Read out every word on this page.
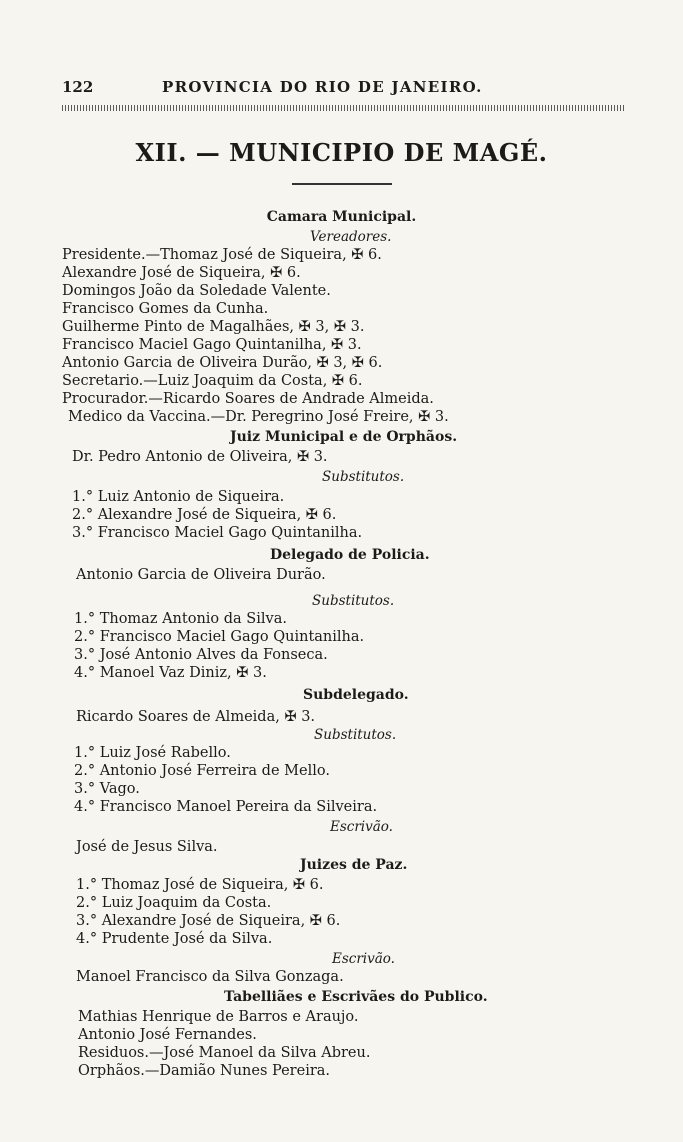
122	PROVINCIA DO RIO DE JANEIRO.
XII. — MUNICIPIO DE MAGÉ.
Camara Municipal.
Vereadores.
Presidente.—Thomaz José de Siqueira, ✠ 6.
Alexandre José de Siqueira, ✠ 6.
Domingos João da Soledade Valente.
Francisco Gomes da Cunha.
Guilherme Pinto de Magalhães, ✠ 3, ✠ 3.
Francisco Maciel Gago Quintanilha, ✠ 3.
Antonio Garcia de Oliveira Durão, ✠ 3, ✠ 6.
Secretario.—Luiz Joaquim da Costa, ✠ 6.
Procurador.—Ricardo Soares de Andrade Almeida.
Medico da Vaccina.—Dr. Peregrino José Freire, ✠ 3.
Juiz Municipal e de Orphãos.
Dr. Pedro Antonio de Oliveira, ✠ 3.
Substitutos.
1.° Luiz Antonio de Siqueira.
2.° Alexandre José de Siqueira, ✠ 6.
3.° Francisco Maciel Gago Quintanilha.
Delegado de Policia.
Antonio Garcia de Oliveira Durão.
Substitutos.
1.° Thomaz Antonio da Silva.
2.° Francisco Maciel Gago Quintanilha.
3.° José Antonio Alves da Fonseca.
4.° Manoel Vaz Diniz, ✠ 3.
Subdelegado.
Ricardo Soares de Almeida, ✠ 3.
Substitutos.
1.° Luiz José Rabello.
2.° Antonio José Ferreira de Mello.
3.° Vago.
4.° Francisco Manoel Pereira da Silveira.
Escrivão.
José de Jesus Silva.
Juizes de Paz.
1.° Thomaz José de Siqueira, ✠ 6.
2.° Luiz Joaquim da Costa.
3.° Alexandre José de Siqueira, ✠ 6.
4.° Prudente José da Silva.
Escrivão.
Manoel Francisco da Silva Gonzaga.
Tabelliães e Escrivães do Publico.
Mathias Henrique de Barros e Araujo.
Antonio José Fernandes.
Residuos.—José Manoel da Silva Abreu.
Orphãos.—Damião Nunes Pereira.
